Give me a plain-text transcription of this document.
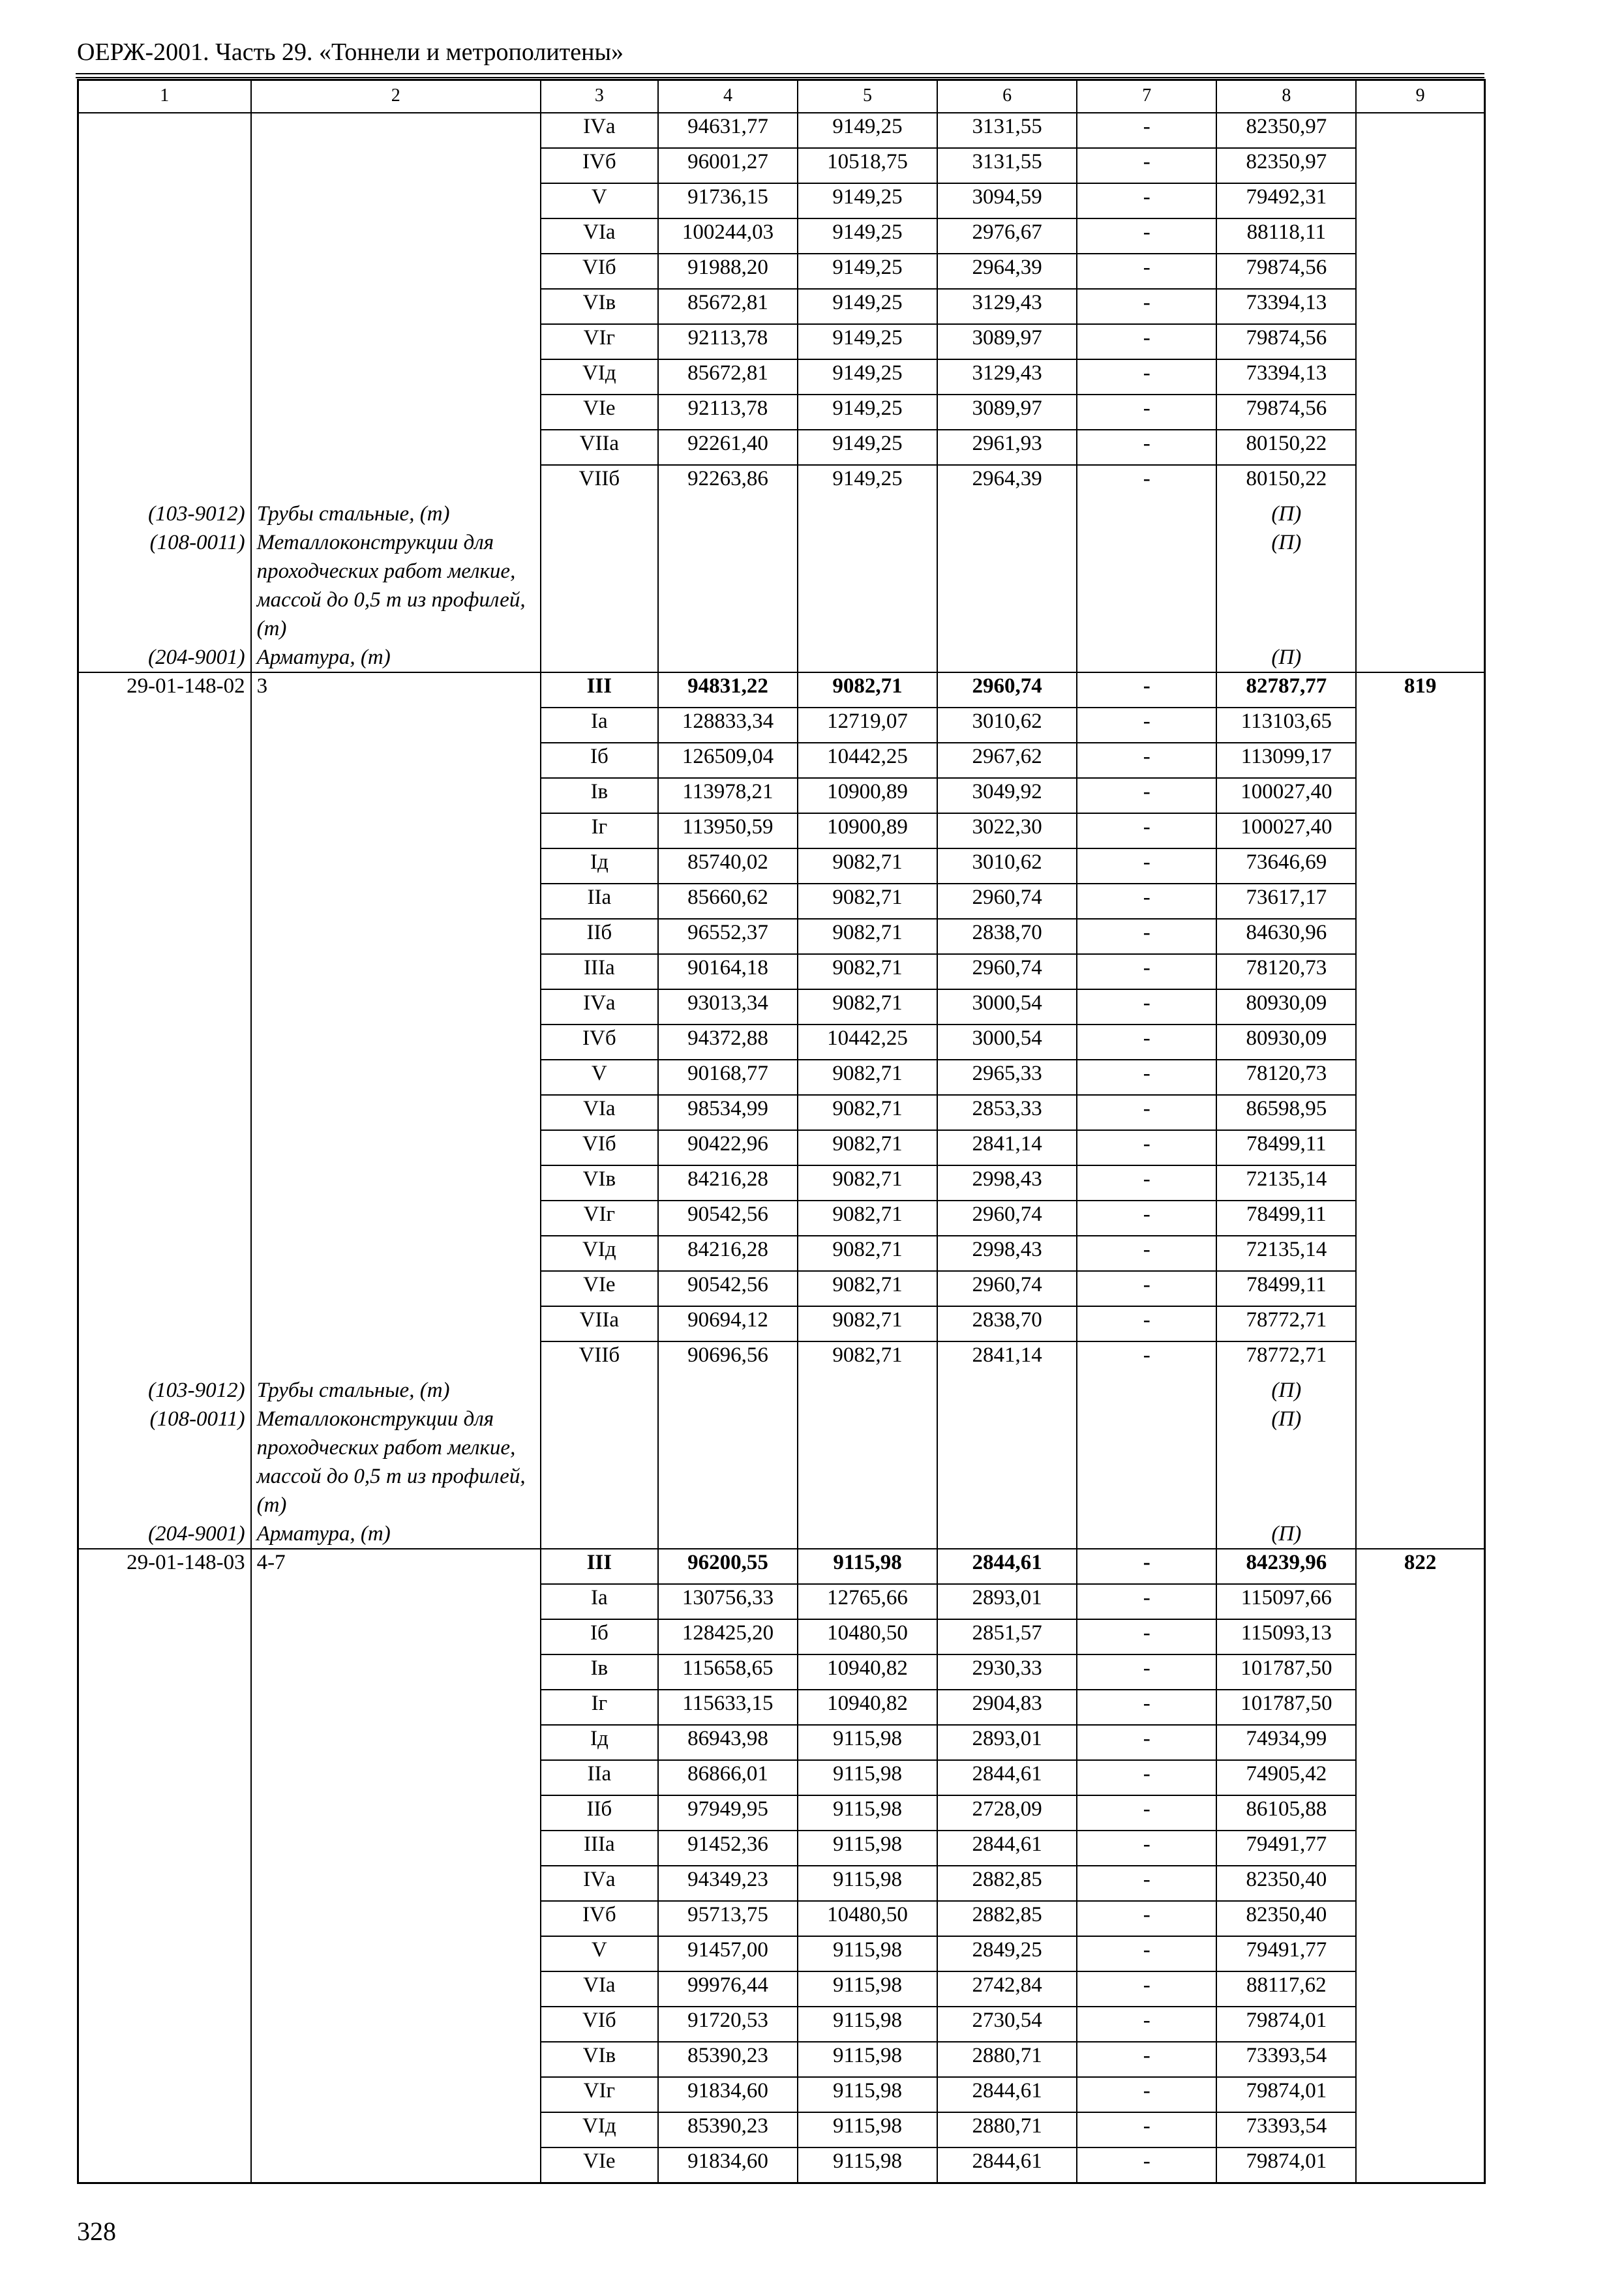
ОЕРЖ-2001. Часть 29. «Тоннели и метрополитены»
1	2	3	4	5	6	7	8	9
		IVа	94631,77	9149,25	3131,55	-	82350,97	
		IVб	96001,27	10518,75	3131,55	-	82350,97	
		V	91736,15	9149,25	3094,59	-	79492,31	
		VIа	100244,03	9149,25	2976,67	-	88118,11	
		VIб	91988,20	9149,25	2964,39	-	79874,56	
		VIв	85672,81	9149,25	3129,43	-	73394,13	
		VIг	92113,78	9149,25	3089,97	-	79874,56	
		VIд	85672,81	9149,25	3129,43	-	73394,13	
		VIе	92113,78	9149,25	3089,97	-	79874,56	
		VIIа	92261,40	9149,25	2961,93	-	80150,22	
		VIIб	92263,86	9149,25	2964,39	-	80150,22	
(103-9012)	Трубы стальные, (т)						(П)	
(108-0011)	Металлоконструкции для проходческих работ мелкие, массой до 0,5 т из профилей, (т)						(П)	
(204-9001)	Арматура, (т)						(П)	
29-01-148-02	3	III	94831,22	9082,71	2960,74	-	82787,77	819
		Iа	128833,34	12719,07	3010,62	-	113103,65	
		Iб	126509,04	10442,25	2967,62	-	113099,17	
		Iв	113978,21	10900,89	3049,92	-	100027,40	
		Iг	113950,59	10900,89	3022,30	-	100027,40	
		Iд	85740,02	9082,71	3010,62	-	73646,69	
		IIа	85660,62	9082,71	2960,74	-	73617,17	
		IIб	96552,37	9082,71	2838,70	-	84630,96	
		IIIа	90164,18	9082,71	2960,74	-	78120,73	
		IVа	93013,34	9082,71	3000,54	-	80930,09	
		IVб	94372,88	10442,25	3000,54	-	80930,09	
		V	90168,77	9082,71	2965,33	-	78120,73	
		VIа	98534,99	9082,71	2853,33	-	86598,95	
		VIб	90422,96	9082,71	2841,14	-	78499,11	
		VIв	84216,28	9082,71	2998,43	-	72135,14	
		VIг	90542,56	9082,71	2960,74	-	78499,11	
		VIд	84216,28	9082,71	2998,43	-	72135,14	
		VIе	90542,56	9082,71	2960,74	-	78499,11	
		VIIа	90694,12	9082,71	2838,70	-	78772,71	
		VIIб	90696,56	9082,71	2841,14	-	78772,71	
(103-9012)	Трубы стальные, (т)						(П)	
(108-0011)	Металлоконструкции для проходческих работ мелкие, массой до 0,5 т из профилей, (т)						(П)	
(204-9001)	Арматура, (т)						(П)	
29-01-148-03	4-7	III	96200,55	9115,98	2844,61	-	84239,96	822
		Iа	130756,33	12765,66	2893,01	-	115097,66	
		Iб	128425,20	10480,50	2851,57	-	115093,13	
		Iв	115658,65	10940,82	2930,33	-	101787,50	
		Iг	115633,15	10940,82	2904,83	-	101787,50	
		Iд	86943,98	9115,98	2893,01	-	74934,99	
		IIа	86866,01	9115,98	2844,61	-	74905,42	
		IIб	97949,95	9115,98	2728,09	-	86105,88	
		IIIа	91452,36	9115,98	2844,61	-	79491,77	
		IVа	94349,23	9115,98	2882,85	-	82350,40	
		IVб	95713,75	10480,50	2882,85	-	82350,40	
		V	91457,00	9115,98	2849,25	-	79491,77	
		VIа	99976,44	9115,98	2742,84	-	88117,62	
		VIб	91720,53	9115,98	2730,54	-	79874,01	
		VIв	85390,23	9115,98	2880,71	-	73393,54	
		VIг	91834,60	9115,98	2844,61	-	79874,01	
		VIд	85390,23	9115,98	2880,71	-	73393,54	
		VIе	91834,60	9115,98	2844,61	-	79874,01	
328
